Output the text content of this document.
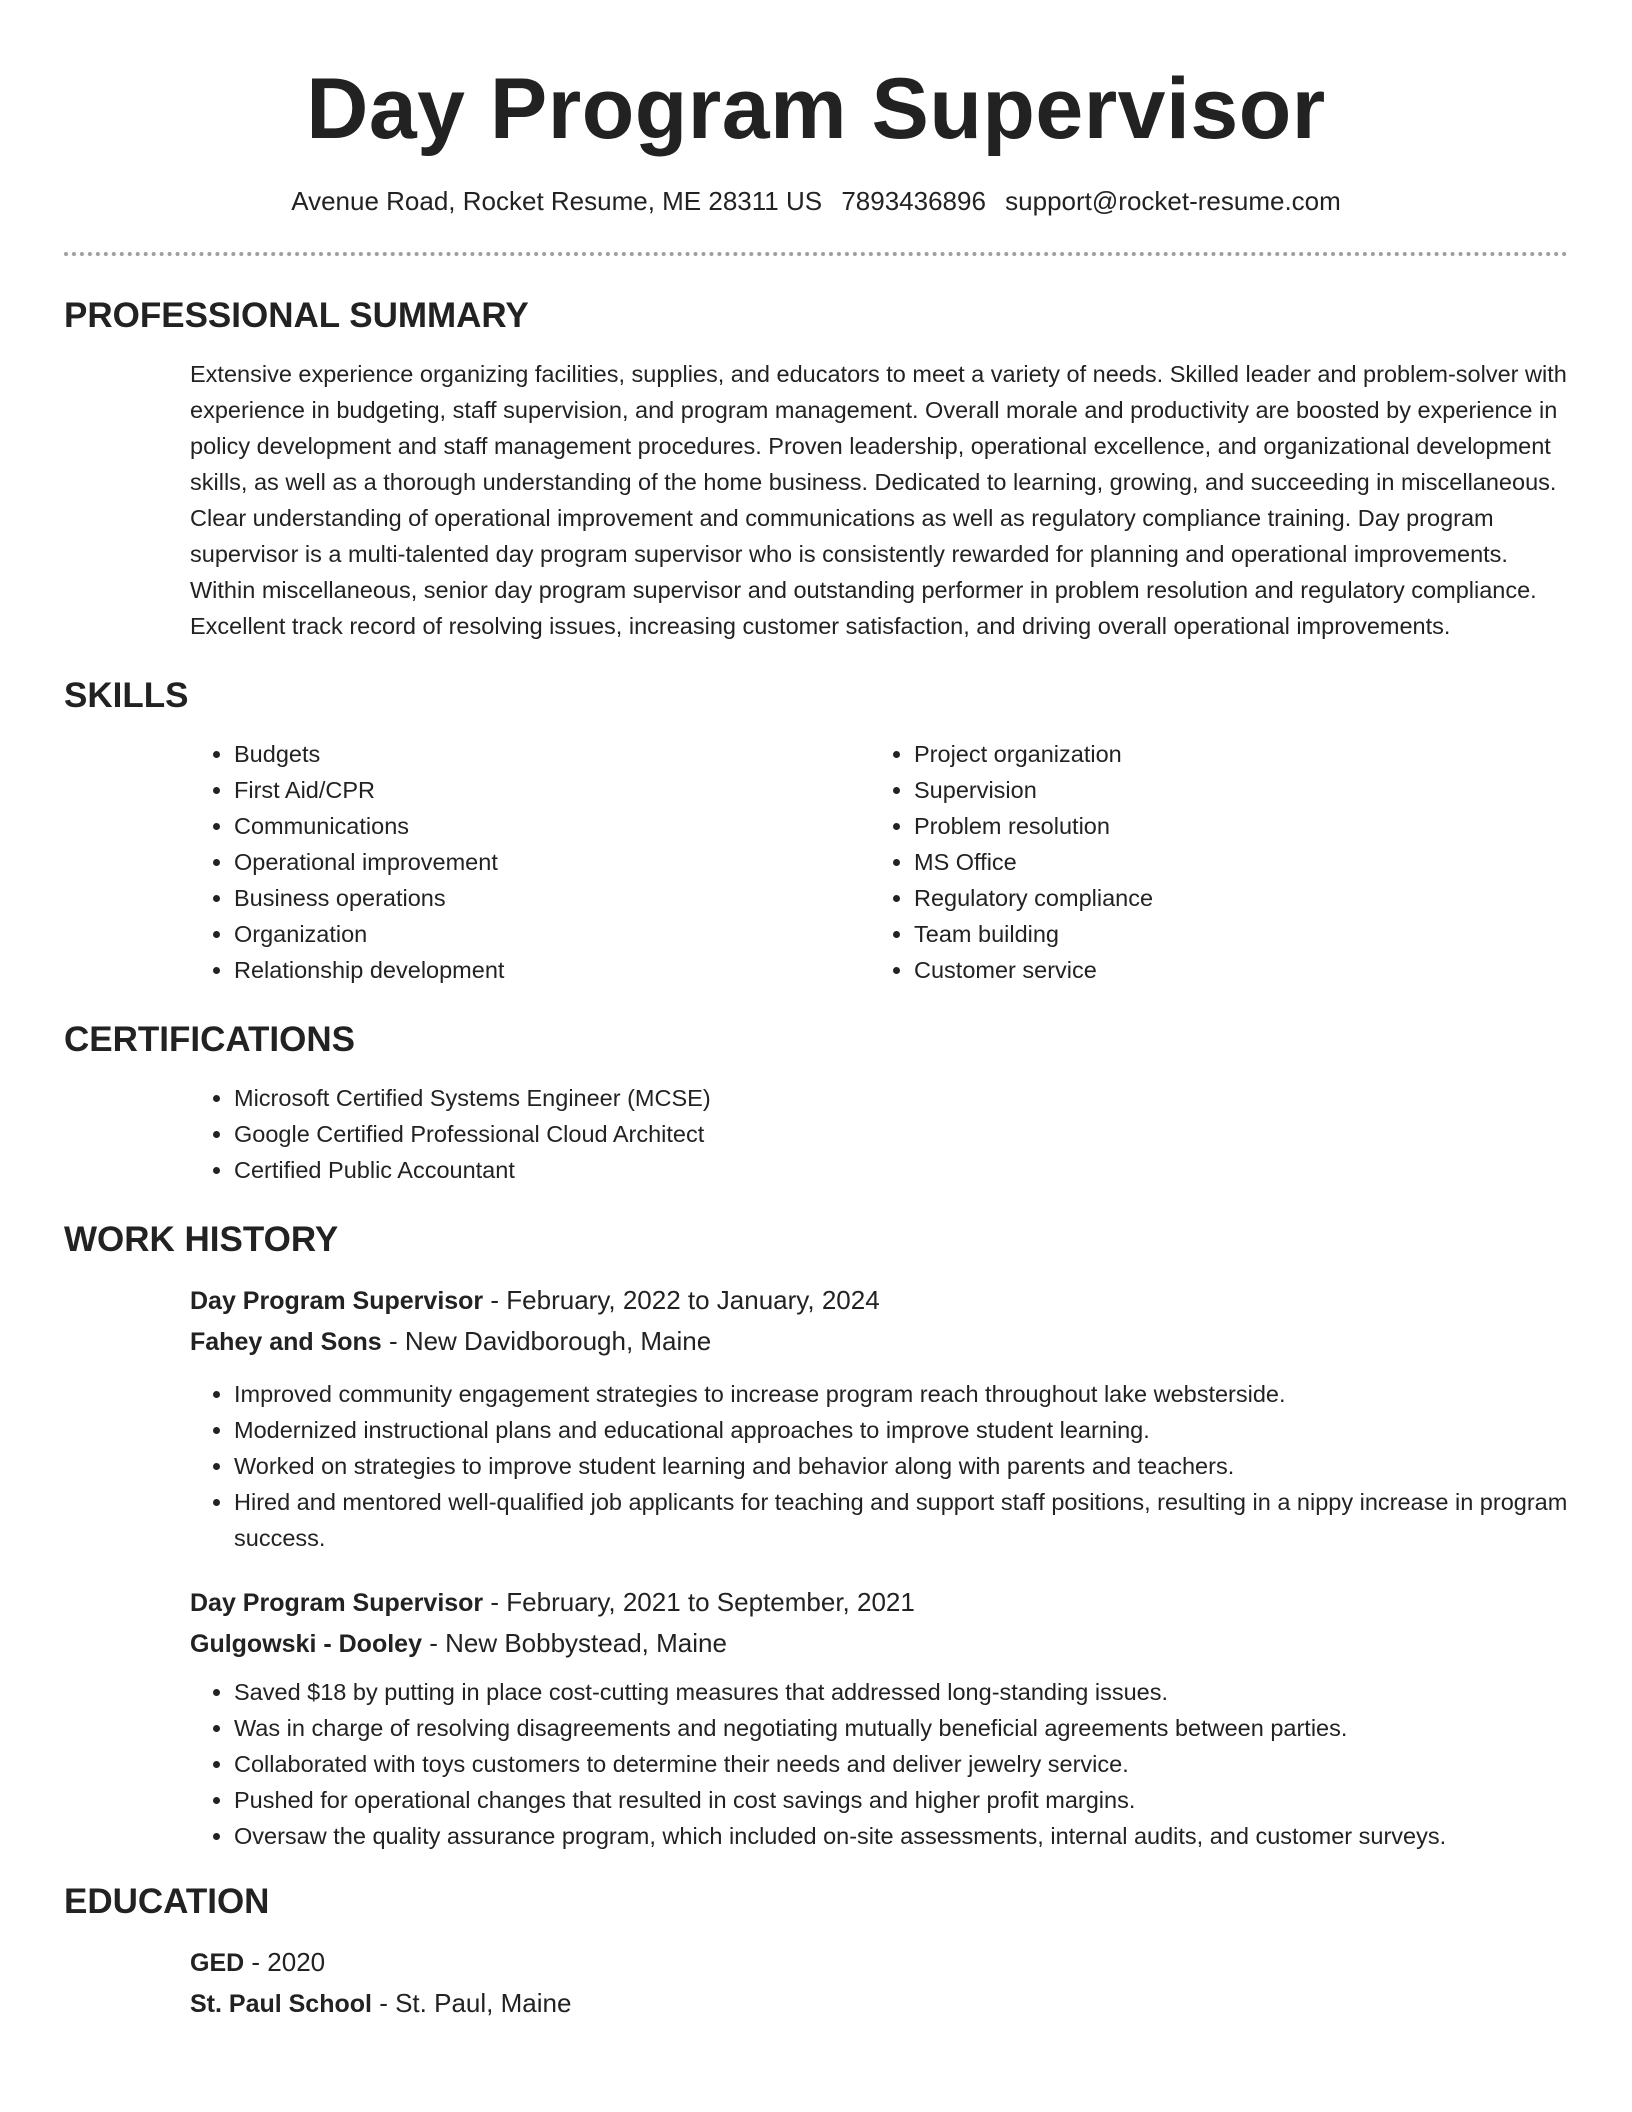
Day Program Supervisor
Avenue Road, Rocket Resume, ME 28311 US 7893436896 support@rocket-resume.com
PROFESSIONAL SUMMARY

Extensive experience organizing facilities, supplies, and educators to meet a variety of needs. Skilled leader and problem-solver with experience in budgeting, staff supervision, and program management. Overall morale and productivity are boosted by experience in policy development and staff management procedures. Proven leadership, operational excellence, and organizational development skills, as well as a thorough understanding of the home business. Dedicated to learning, growing, and succeeding in miscellaneous. Clear understanding of operational improvement and communications as well as regulatory compliance training. Day program supervisor is a multi-talented day program supervisor who is consistently rewarded for planning and operational improvements. Within miscellaneous, senior day program supervisor and outstanding performer in problem resolution and regulatory compliance. Excellent track record of resolving issues, increasing customer satisfaction, and driving overall operational improvements.

SKILLS
• Budgets
• First Aid/CPR
• Communications
• Operational improvement
• Business operations
• Organization
• Relationship development
• Project organization
• Supervision
• Problem resolution
• MS Office
• Regulatory compliance
• Team building
• Customer service
CERTIFICATIONS
• Microsoft Certified Systems Engineer (MCSE)
• Google Certified Professional Cloud Architect
• Certified Public Accountant
WORK HISTORY
Day Program Supervisor - February, 2022 to January, 2024
Fahey and Sons - New Davidborough, Maine
• Improved community engagement strategies to increase program reach throughout lake websterside.
• Modernized instructional plans and educational approaches to improve student learning.
• Worked on strategies to improve student learning and behavior along with parents and teachers.
• Hired and mentored well-qualified job applicants for teaching and support staff positions, resulting in a nippy increase in program success.
Day Program Supervisor - February, 2021 to September, 2021
Gulgowski - Dooley - New Bobbystead, Maine
• Saved $18 by putting in place cost-cutting measures that addressed long-standing issues.
• Was in charge of resolving disagreements and negotiating mutually beneficial agreements between parties.
• Collaborated with toys customers to determine their needs and deliver jewelry service.
• Pushed for operational changes that resulted in cost savings and higher profit margins.
• Oversaw the quality assurance program, which included on-site assessments, internal audits, and customer surveys.
EDUCATION
GED - 2020
St. Paul School - St. Paul, Maine
